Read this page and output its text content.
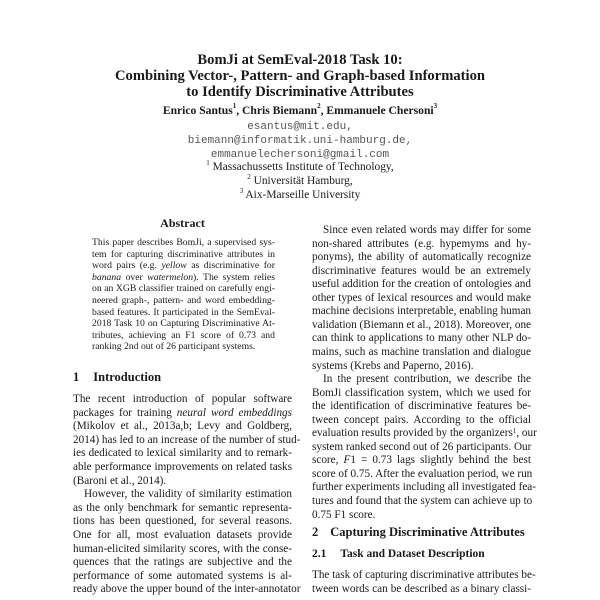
BomJi at SemEval-2018 Task 10:
Combining Vector-, Pattern- and Graph-based Information
to Identify Discriminative Attributes
Enrico Santus$^1$, Chris Biemann$^2$, Emmanuele Chersoni$^3$
esantus@mit.edu,
biemann@informatik.uni-hamburg.de,
emmanuelechersoni@gmail.com
$^1$ Massachussetts Institute of Technology,
$^2$ Universität Hamburg,
$^3$ Aix-Marseille University
Abstract
This paper describes BomJi, a supervised sys-
tem for capturing discriminative attributes in
word pairs (e.g. yellow as discriminative for
banana over watermelon). The system relies
on an XGB classifier trained on carefully engi-
neered graph-, pattern- and word embedding-
based features. It participated in the SemEval-
2018 Task 10 on Capturing Discriminative At-
tributes, achieving an F1 score of 0.73 and
ranking 2nd out of 26 participant systems.
1 Introduction
The recent introduction of popular software
packages for training neural word embeddings
(Mikolov et al., 2013a,b; Levy and Goldberg,
2014) has led to an increase of the number of stud-
ies dedicated to lexical similarity and to remark-
able performance improvements on related tasks
(Baroni et al., 2014).
However, the validity of similarity estimation
as the only benchmark for semantic representa-
tions has been questioned, for several reasons.
One for all, most evaluation datasets provide
human-elicited similarity scores, with the conse-
quences that the ratings are subjective and the
performance of some automated systems is al-
ready above the upper bound of the inter-annotator
Since even related words may differ for some
non-shared attributes (e.g. hypemyms and hy-
ponyms), the ability of automatically recognize
discriminative features would be an extremely
useful addition for the creation of ontologies and
other types of lexical resources and would make
machine decisions interpretable, enabling human
validation (Biemann et al., 2018). Moreover, one
can think to applications to many other NLP do-
mains, such as machine translation and dialogue
systems (Krebs and Paperno, 2016).
In the present contribution, we describe the
BomJi classification system, which we used for
the identification of discriminative features be-
tween concept pairs. According to the official
evaluation results provided by the organizers$^1$, our
system ranked second out of 26 participants. Our
score, F1 = 0.73 lags slightly behind the best
score of 0.75. After the evaluation period, we run
further experiments including all investigated fea-
tures and found that the system can achieve up to
0.75 F1 score.
2 Capturing Discriminative Attributes
2.1 Task and Dataset Description
The task of capturing discriminative attributes be-
tween words can be described as a binary classi-
